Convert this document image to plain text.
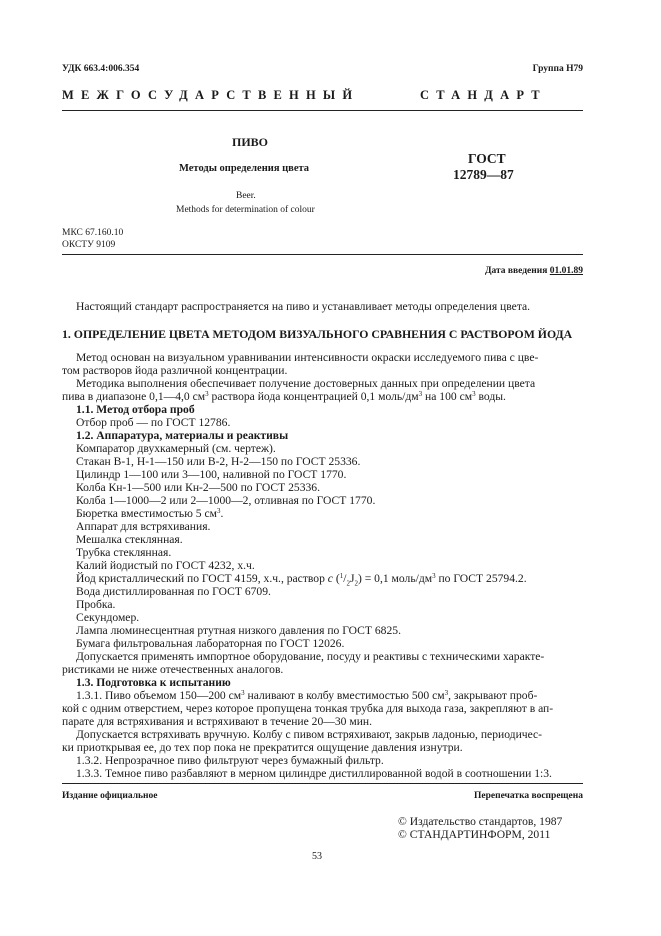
УДК 663.4:006.354	Группа Н79
МЕЖГОСУДАРСТВЕННЫЙ	СТАНДАРТ
ПИВО
Методы определения цвета
ГОСТ
12789—87
Beer.
Methods for determination of colour
МКС 67.160.10
ОКСТУ 9109
Дата введения 01.01.89
Настоящий стандарт распространяется на пиво и устанавливает методы определения цвета.
1. ОПРЕДЕЛЕНИЕ ЦВЕТА МЕТОДОМ ВИЗУАЛЬНОГО СРАВНЕНИЯ С РАСТВОРОМ ЙОДА
Метод основан на визуальном уравнивании интенсивности окраски исследуемого пива с цве-
том растворов йода различной концентрации.
Методика выполнения обеспечивает получение достоверных данных при определении цвета
пива в диапазоне 0,1—4,0 $см^3$ раствора йода концентрацией 0,1 моль/$дм^3$ на 100 $см^3$ воды.
1.1. Метод отбора проб
Отбор проб — по ГОСТ 12786.
1.2. Аппаратура, материалы и реактивы
Компаратор двухкамерный (см. чертеж).
Стакан В-1, Н-1—150 или В-2, Н-2—150 по ГОСТ 25336.
Цилиндр 1—100 или 3—100, наливной по ГОСТ 1770.
Колба Кн-1—500 или Кн-2—500 по ГОСТ 25336.
Колба 1—1000—2 или 2—1000—2, отливная по ГОСТ 1770.
Бюретка вместимостью 5 $см^3$.
Аппарат для встряхивания.
Мешалка стеклянная.
Трубка стеклянная.
Калий йодистый по ГОСТ 4232, х.ч.
Йод кристаллический по ГОСТ 4159, х.ч., раствор c $(^1/_2J_2) = 0,1$ моль/$дм^3$ по ГОСТ 25794.2.
Вода дистиллированная по ГОСТ 6709.
Пробка.
Секундомер.
Лампа люминесцентная ртутная низкого давления по ГОСТ 6825.
Бумага фильтровальная лабораторная по ГОСТ 12026.
Допускается применять импортное оборудование, посуду и реактивы с техническими характе-
ристиками не ниже отечественных аналогов.
1.3. Подготовка к испытанию
1.3.1. Пиво объемом 150—200 $см^3$ наливают в колбу вместимостью 500 $см^3$, закрывают проб-
кой с одним отверстием, через которое пропущена тонкая трубка для выхода газа, закрепляют в ап-
парате для встряхивания и встряхивают в течение 20—30 мин.
Допускается встряхивать вручную. Колбу с пивом встряхивают, закрыв ладонью, периодичес-
ки приоткрывая ее, до тех пор пока не прекратится ощущение давления изнутри.
1.3.2. Непрозрачное пиво фильтруют через бумажный фильтр.
1.3.3. Темное пиво разбавляют в мерном цилиндре дистиллированной водой в соотношении 1:3.
Издание официальное	Перепечатка воспрещена
© Издательство стандартов, 1987
© СТАНДАРТИНФОРМ, 2011
53
